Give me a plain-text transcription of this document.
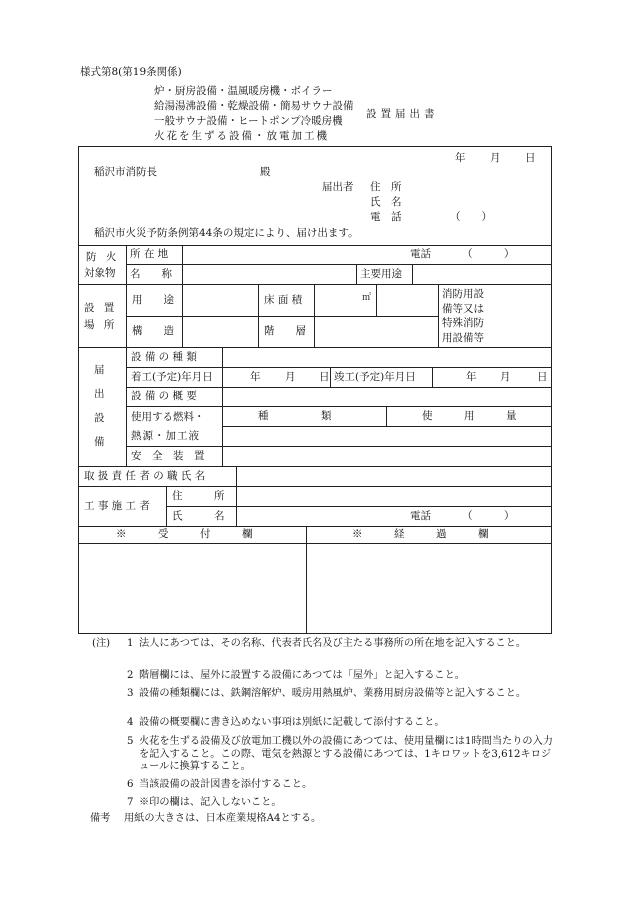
様式第8(第19条関係)
炉・厨房設備・温風暖房機・ボイラー
給湯湯沸設備・乾燥設備・簡易サウナ設備
一般サウナ設備・ヒートポンプ冷暖房機
火花を生ずる設備・放電加工機
設置届出書
年 月 日
稲沢市消防長	殿
届出者 住　所
氏　名
電　話	（　　）
稲沢市火災予防条例第44条の規定により、届け出ます。
防 火
対象物
所 在 地	電話	（　　　）
名　　称	主要用途
設 置
場 所
用　　途	床 面 積	㎡	消防用設
備等又は
特殊消防
用設備等
構　　造	階　　層
届
出
設
備
設 備 の 種 類
着工(予定)年月日	年 月 日 竣工(予定)年月日	年 月	日
設 備 の 概 要
使用する燃料・
熱源・加工液
種　　　　　類	使　　　用　　　量
安　全　装　置
取 扱 責 任 者 の 職 氏 名
工 事 施 工 者
住　　　所
氏　　　名	電話	（　　　）
※　　　受　　　付　　　欄	※　　　経　　　過　　　欄
(注) 1 法人にあつては、その名称、代表者氏名及び主たる事務所の所在地を記入すること。
2 階層欄には、屋外に設置する設備にあつては「屋外」と記入すること。
3 設備の種類欄には、鉄鋼溶解炉、暖房用熱風炉、業務用厨房設備等と記入すること。
4 設備の概要欄に書き込めない事項は別紙に記載して添付すること。
5 火花を生ずる設備及び放電加工機以外の設備にあつては、使用量欄には1時間当たりの入力を記入すること。この際、電気を熱源とする設備にあつては、1キロワットを3,612キロジュールに換算すること。
6 当該設備の設計図書を添付すること。
7 ※印の欄は、記入しないこと。
備考 用紙の大きさは、日本産業規格A4とする。
